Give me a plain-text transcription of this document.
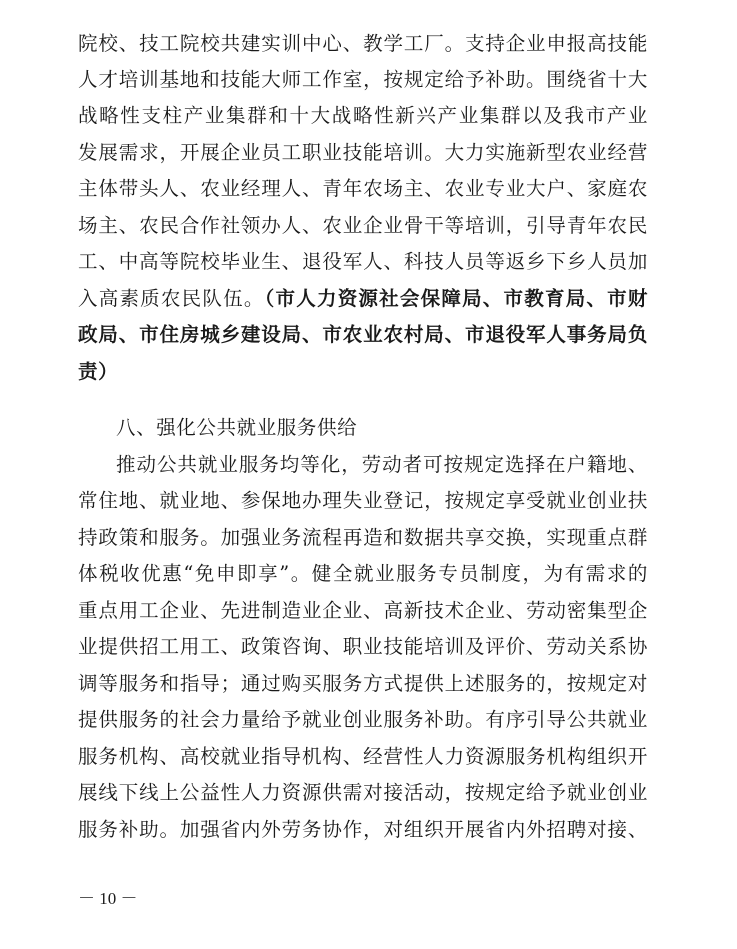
院校、技工院校共建实训中心、教学工厂。支持企业申报高技能
人才培训基地和技能大师工作室，按规定给予补助。围绕省十大
战略性支柱产业集群和十大战略性新兴产业集群以及我市产业
发展需求，开展企业员工职业技能培训。大力实施新型农业经营
主体带头人、农业经理人、青年农场主、农业专业大户、家庭农
场主、农民合作社领办人、农业企业骨干等培训，引导青年农民
工、中高等院校毕业生、退役军人、科技人员等返乡下乡人员加
入高素质农民队伍。（市人力资源社会保障局、市教育局、市财
政局、市住房城乡建设局、市农业农村局、市退役军人事务局负
责）
八、强化公共就业服务供给
推动公共就业服务均等化，劳动者可按规定选择在户籍地、
常住地、就业地、参保地办理失业登记，按规定享受就业创业扶
持政策和服务。加强业务流程再造和数据共享交换，实现重点群
体税收优惠“免申即享”。健全就业服务专员制度，为有需求的
重点用工企业、先进制造业企业、高新技术企业、劳动密集型企
业提供招工用工、政策咨询、职业技能培训及评价、劳动关系协
调等服务和指导；通过购买服务方式提供上述服务的，按规定对
提供服务的社会力量给予就业创业服务补助。有序引导公共就业
服务机构、高校就业指导机构、经营性人力资源服务机构组织开
展线下线上公益性人力资源供需对接活动，按规定给予就业创业
服务补助。加强省内外劳务协作，对组织开展省内外招聘对接、
－ 10 －
